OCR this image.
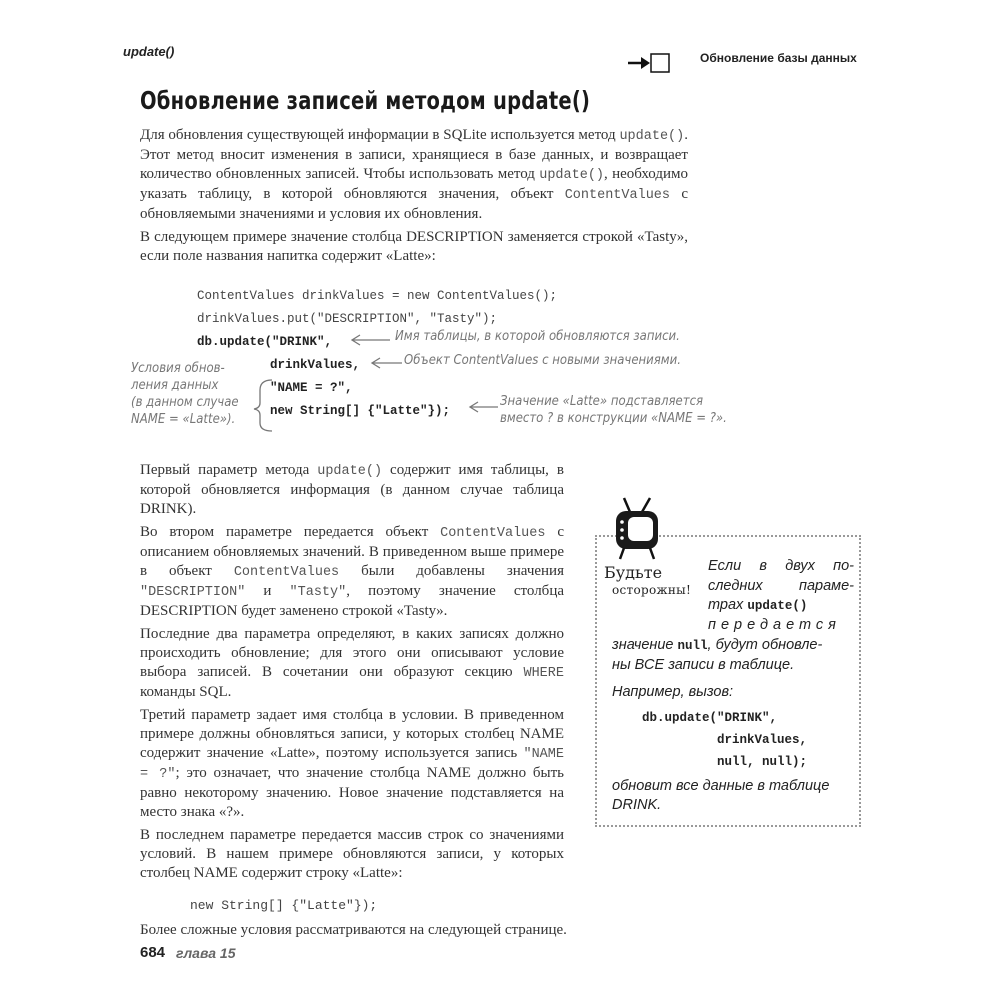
update()	Обновление базы данных
Обновление записей методом update()

Для обновления существующей информации в SQLite используется метод update(). Этот метод вносит изменения в записи, хранящиеся в базе данных, и возвращает количество обновленных записей. Чтобы использовать метод update(), необходимо указать таблицу, в которой обновляются значения, объект ContentValues с обновляемыми значениями и условия их обновления.

В следующем примере значение столбца DESCRIPTION заменяется строкой «Tasty», если поле названия напитка содержит «Latte»:

ContentValues drinkValues = new ContentValues();
drinkValues.put("DESCRIPTION", "Tasty");
db.update("DRINK",
drinkValues,
"NAME = ?",
new String[] {"Latte"});
Имя таблицы, в которой обновляются записи.
Объект ContentValues с новыми значениями.
Значение «Latte» подставляется
вместо ? в конструкции «NAME = ?».
Условия обнов-
ления данных
(в данном случае
NAME = «Latte»).

Первый параметр метода update() содержит имя таблицы, в которой обновляется информация (в данном случае таблица DRINK).

Во втором параметре передается объект ContentValues с описанием обновляемых значений. В приведенном выше примере в объект ContentValues были добавлены значения "DESCRIPTION" и "Tasty", поэтому значение столбца DESCRIPTION будет заменено строкой «Tasty».

Последние два параметра определяют, в каких записях должно происходить обновление; для этого они описывают условие выбора записей. В сочетании они образуют секцию WHERE команды SQL.

Третий параметр задает имя столбца в условии. В приведенном примере должны обновляться записи, у которых столбец NAME содержит значение «Latte», поэтому используется запись "NAME = ?"; это означает, что значение столбца NAME должно быть равно некоторому значению. Новое значение подставляется на место знака «?».

В последнем параметре передается массив строк со значениями условий. В нашем примере обновляются записи, у которых столбец NAME содержит строку «Latte»:

new String[] {"Latte"});
Более сложные условия рассматриваются на следующей странице.
Будьте
осторожны!
Если в двух по-
следних параме-
трах update()
передается
значение null, будут обновле-
ны ВСЕ записи в таблице.
Например, вызов:
db.update("DRINK",
drinkValues,
null, null);
обновит все данные в таблице DRINK.
684 глава 15
